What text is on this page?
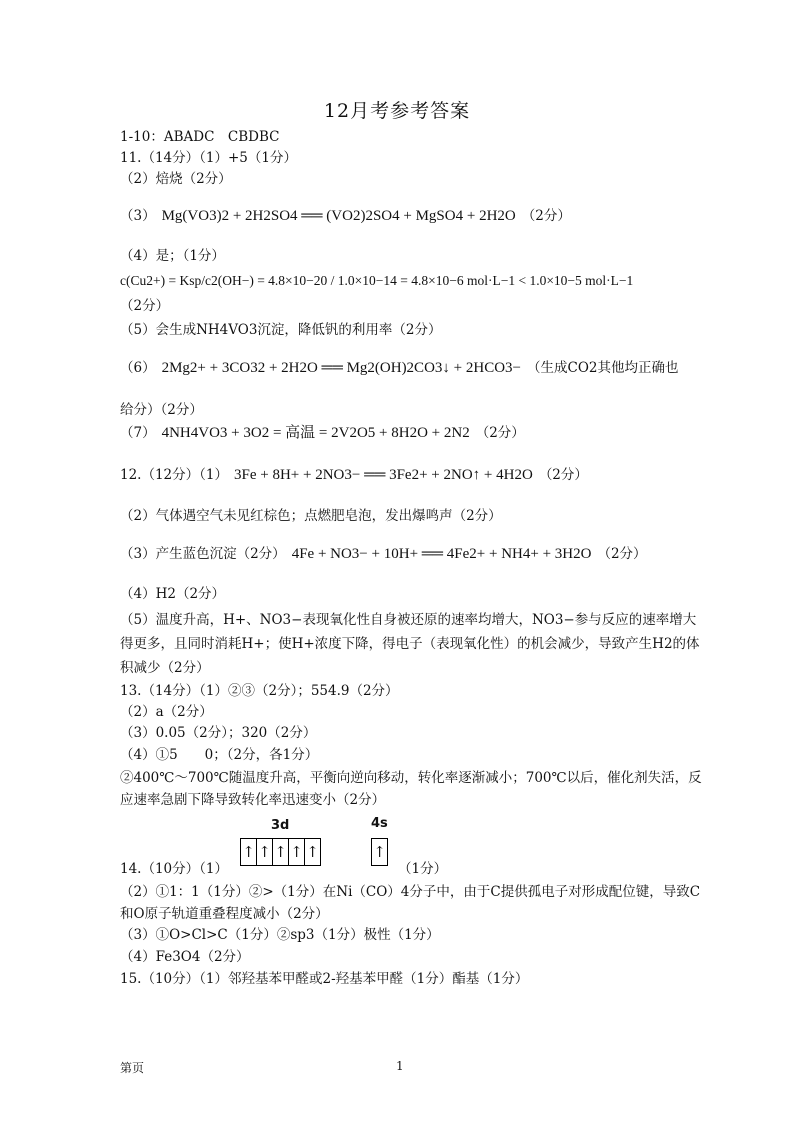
12月考参考答案
1-10：ABADC　CBDBC
11.（14分）（1）+5（1分）
（2）焙烧（2分）
（3） Mg(VO3)2 + 2H2SO4 ══ (VO2)2SO4 + MgSO4 + 2H2O （2分）
（4）是；（1分）
c(Cu2+) = Ksp/c2(OH−) = 4.8×10−20 / 1.0×10−14 = 4.8×10−6 mol·L−1 < 1.0×10−5 mol·L−1
（2分）
（5）会生成NH4VO3沉淀，降低钒的利用率（2分）
（6） 2Mg2+ + 3CO32 + 2H2O ══ Mg2(OH)2CO3↓ + 2HCO3− （生成CO2其他均正确也
给分）（2分）
（7） 4NH4VO3 + 3O2 = 高温 = 2V2O5 + 8H2O + 2N2 （2分）
12.（12分）（1） 3Fe + 8H+ + 2NO3− ══ 3Fe2+ + 2NO↑ + 4H2O （2分）
（2）气体遇空气未见红棕色；点燃肥皂泡，发出爆鸣声（2分）
（3）产生蓝色沉淀（2分） 4Fe + NO3− + 10H+ ══ 4Fe2+ + NH4+ + 3H2O （2分）
（4）H2（2分）
（5）温度升高，H+、NO3−表现氧化性自身被还原的速率均增大，NO3−参与反应的速率增大得更多，且同时消耗H+；使H+浓度下降，得电子（表现氧化性）的机会减少，导致产生H2的体积减少（2分）
13.（14分）（1）②③（2分）；554.9（2分）
（2）a（2分）
（3）0.05（2分）；320（2分）
（4）①5　　0；（2分，各1分）
②400℃～700℃随温度升高，平衡向逆向移动，转化率逐渐减小；700℃以后，催化剂失活，反应速率急剧下降导致转化率迅速变小（2分）
3d	4s
↑ ↑ ↑ ↑ ↑	↑
14.（10分）（1）	（1分）
（2）①1：1（1分）②>（1分）在Ni（CO）4分子中，由于C提供孤电子对形成配位键，导致C和O原子轨道重叠程度减小（2分）
（3）①O>Cl>C（1分）②sp3（1分）极性（1分）
（4）Fe3O4（2分）
15.（10分）（1）邻羟基苯甲醛或2-羟基苯甲醛（1分）酯基（1分）
第页	1
